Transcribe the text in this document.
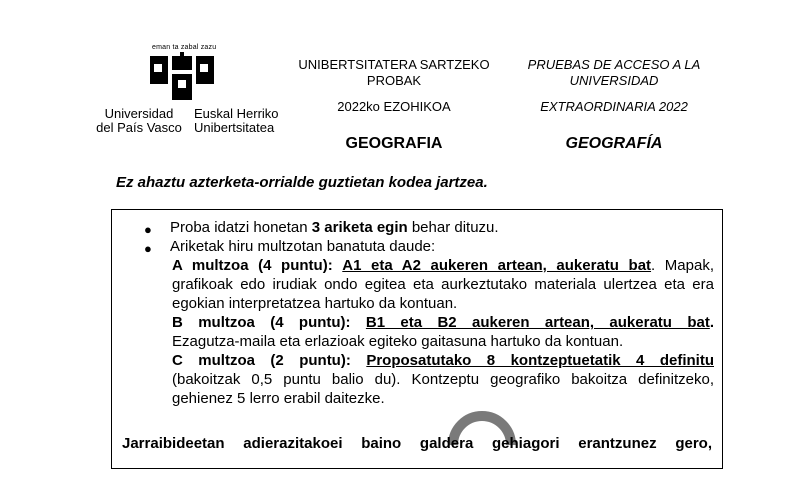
eman ta zabal zazu
Universidad
del País Vasco
Euskal Herriko
Unibertsitatea
UNIBERTSITATERA SARTZEKO
PROBAK
PRUEBAS DE ACCESO A LA
UNIVERSIDAD
2022ko EZOHIKOA	EXTRAORDINARIA 2022
GEOGRAFIA	GEOGRAFÍA
Ez ahaztu azterketa-orrialde guztietan kodea jartzea.
● Proba idatzi honetan 3 ariketa egin behar dituzu.
● Ariketak hiru multzotan banatuta daude:
A multzoa (4 puntu): A1 eta A2 aukeren artean, aukeratu bat. Mapak,
grafikoak edo irudiak ondo egitea eta aurkeztutako materiala ulertzea eta era
egokian interpretatzea hartuko da kontuan.
B multzoa (4 puntu): B1 eta B2 aukeren artean, aukeratu bat.
Ezagutza-maila eta erlazioak egiteko gaitasuna hartuko da kontuan.
C multzoa (2 puntu): Proposatutako 8 kontzeptuetatik 4 definitu
(bakoitzak 0,5 puntu balio du). Kontzeptu geografiko bakoitza definitzeko,
gehienez 5 lerro erabil daitezke.
Jarraibideetan adierazitakoei baino galdera gehiagori erantzunez gero,
